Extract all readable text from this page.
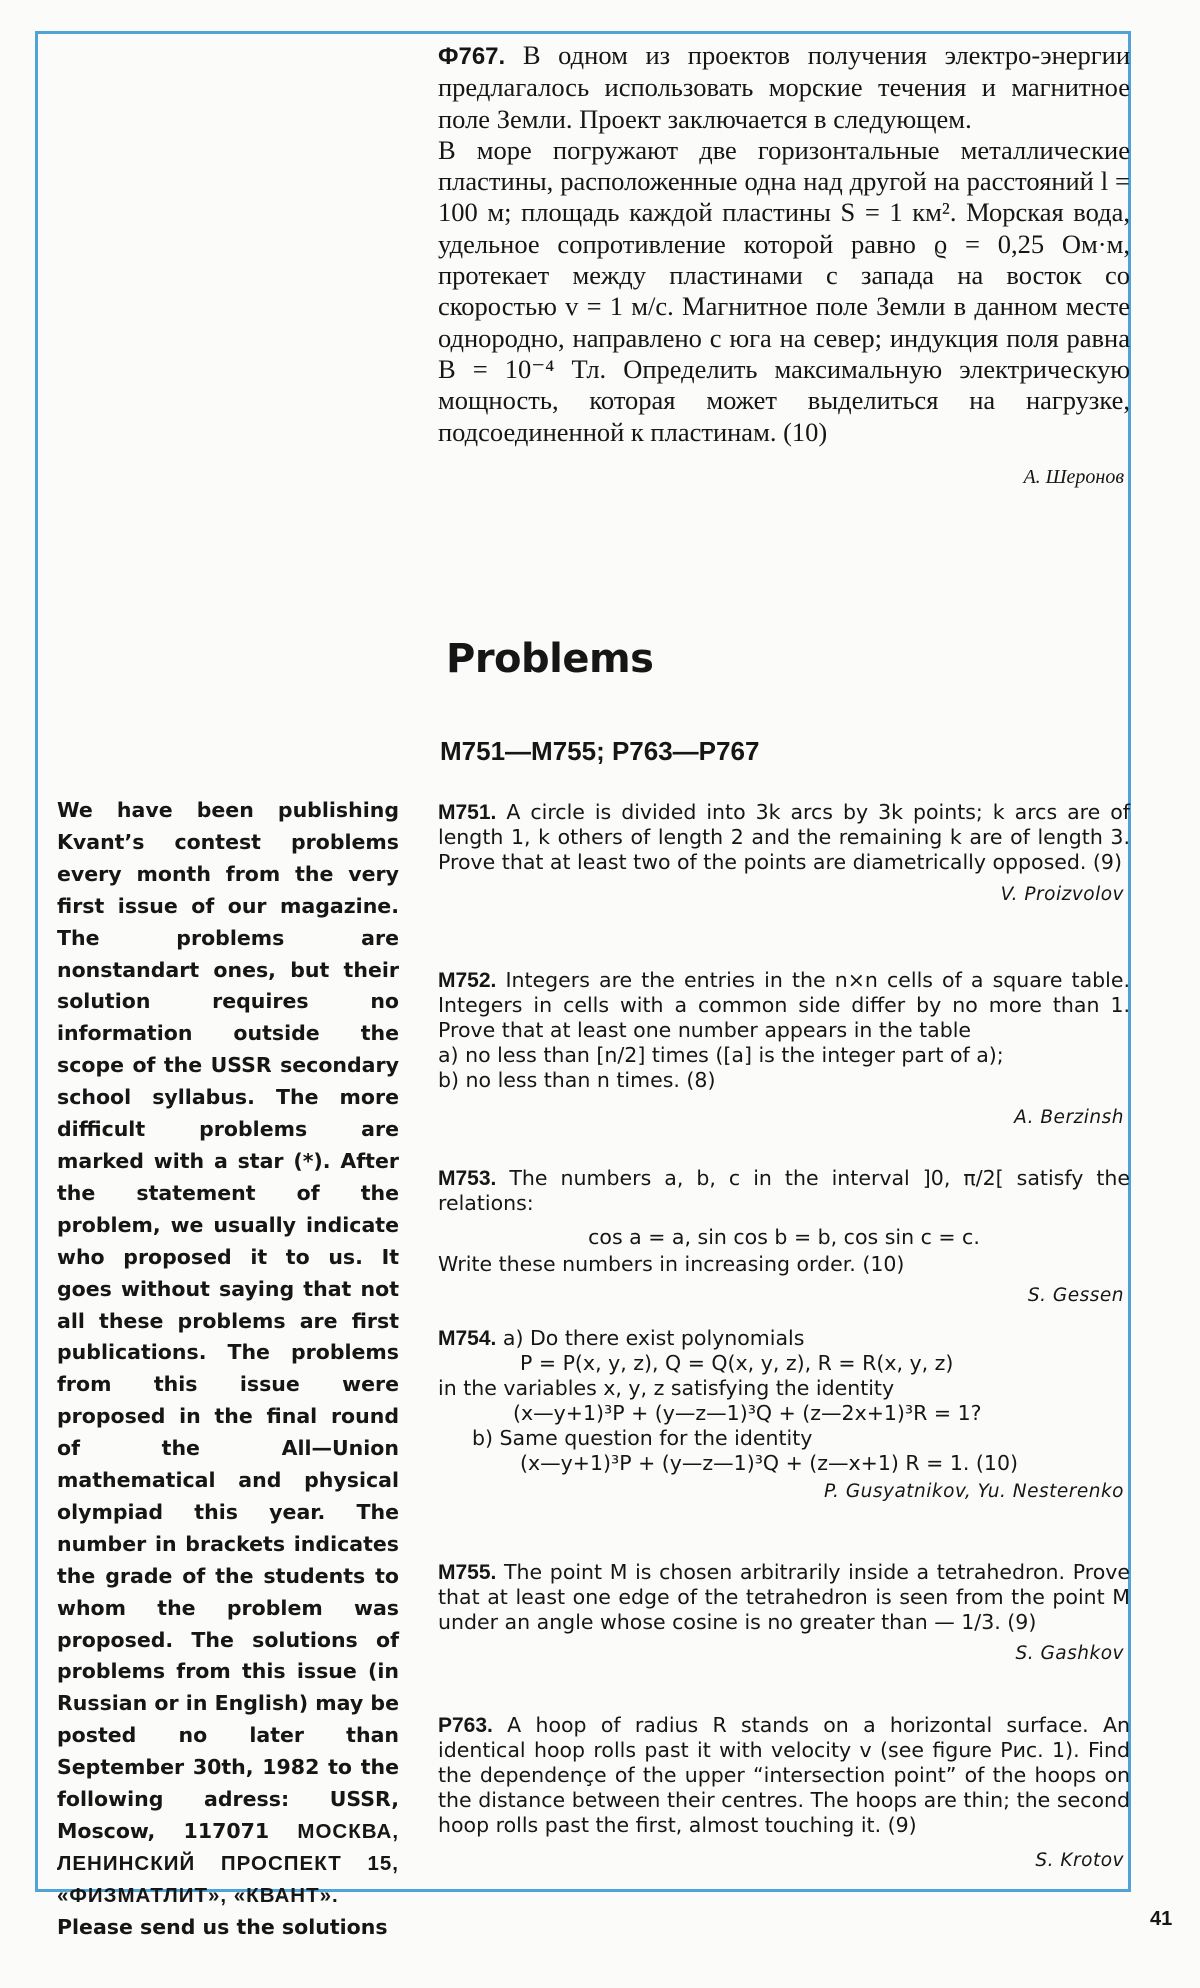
Ф767. В одном из проектов получения электро-энергии предлагалось использовать морские течения и магнитное поле Земли. Проект заключается в следующем.

В море погружают две горизонтальные металлические пластины, расположенные одна над другой на расстояний l = 100 м; площадь каждой пластины S = 1 км². Морская вода, удельное сопротивление которой равно ϱ = 0,25 Ом·м, протекает между пластинами с запада на восток со скоростью v = 1 м/с. Магнитное поле Земли в данном месте однородно, направлено с юга на север; индукция поля равна B = 10⁻⁴ Тл. Определить максимальную электрическую мощность, которая может выделиться на нагрузке, подсоединенной к пластинам. (10)

А. Шеронов
Problems
M751—M755; P763—P767
We have been publishing Kvant’s contest problems every month from the very first issue of our magazine. The problems are nonstandart ones, but their solution requires no information outside the scope of the USSR secondary school syllabus. The more difficult problems are marked with a star (*). After the statement of the problem, we usually indicate who proposed it to us. It goes without saying that not all these problems are first publications. The problems from this issue were proposed in the final round of the All—Union mathematical and physical olympiad this year. The number in brackets indicates the grade of the students to whom the problem was proposed. The solutions of problems from this issue (in Russian or in English) may be posted no later than September 30th, 1982 to the following adress: USSR, Moscow, 117071 МОСКВА, ЛЕНИНСКИЙ ПРОСПЕКТ 15, «ФИЗМАТЛИТ», «КВАНТ».
Please send us the solutions
M751. A circle is divided into 3k arcs by 3k points; k arcs are of length 1, k others of length 2 and the remaining k are of length 3. Prove that at least two of the points are diametrically opposed. (9)
V. Proizvolov
M752. Integers are the entries in the n×n cells of a square table. Integers in cells with a common side differ by no more than 1. Prove that at least one number appears in the table
a) no less than [n/2] times ([a] is the integer part of a);
b) no less than n times. (8)
A. Berzinsh
M753. The numbers a, b, c in the interval ]0, π/2[ satisfy the relations:
cos a = a, sin cos b = b, cos sin c = c.
Write these numbers in increasing order. (10)
S. Gessen
M754. a) Do there exist polynomials
P = P(x, y, z), Q = Q(x, y, z), R = R(x, y, z)
in the variables x, y, z satisfying the identity
(x—y+1)³P + (y—z—1)³Q + (z—2x+1)³R = 1?
b) Same question for the identity
(x—y+1)³P + (y—z—1)³Q + (z—x+1) R = 1. (10)
P. Gusyatnikov, Yu. Nesterenko
M755. The point M is chosen arbitrarily inside a tetrahedron. Prove that at least one edge of the tetrahedron is seen from the point M under an angle whose cosine is no greater than — 1/3. (9)
S. Gashkov
P763. A hoop of radius R stands on a horizontal surface. An identical hoop rolls past it with velocity v (see figure Рис. 1). Find the dependençe of the upper “intersection point” of the hoops on the distance between their centres. The hoops are thin; the second hoop rolls past the first, almost touching it. (9)
S. Krotov
41
